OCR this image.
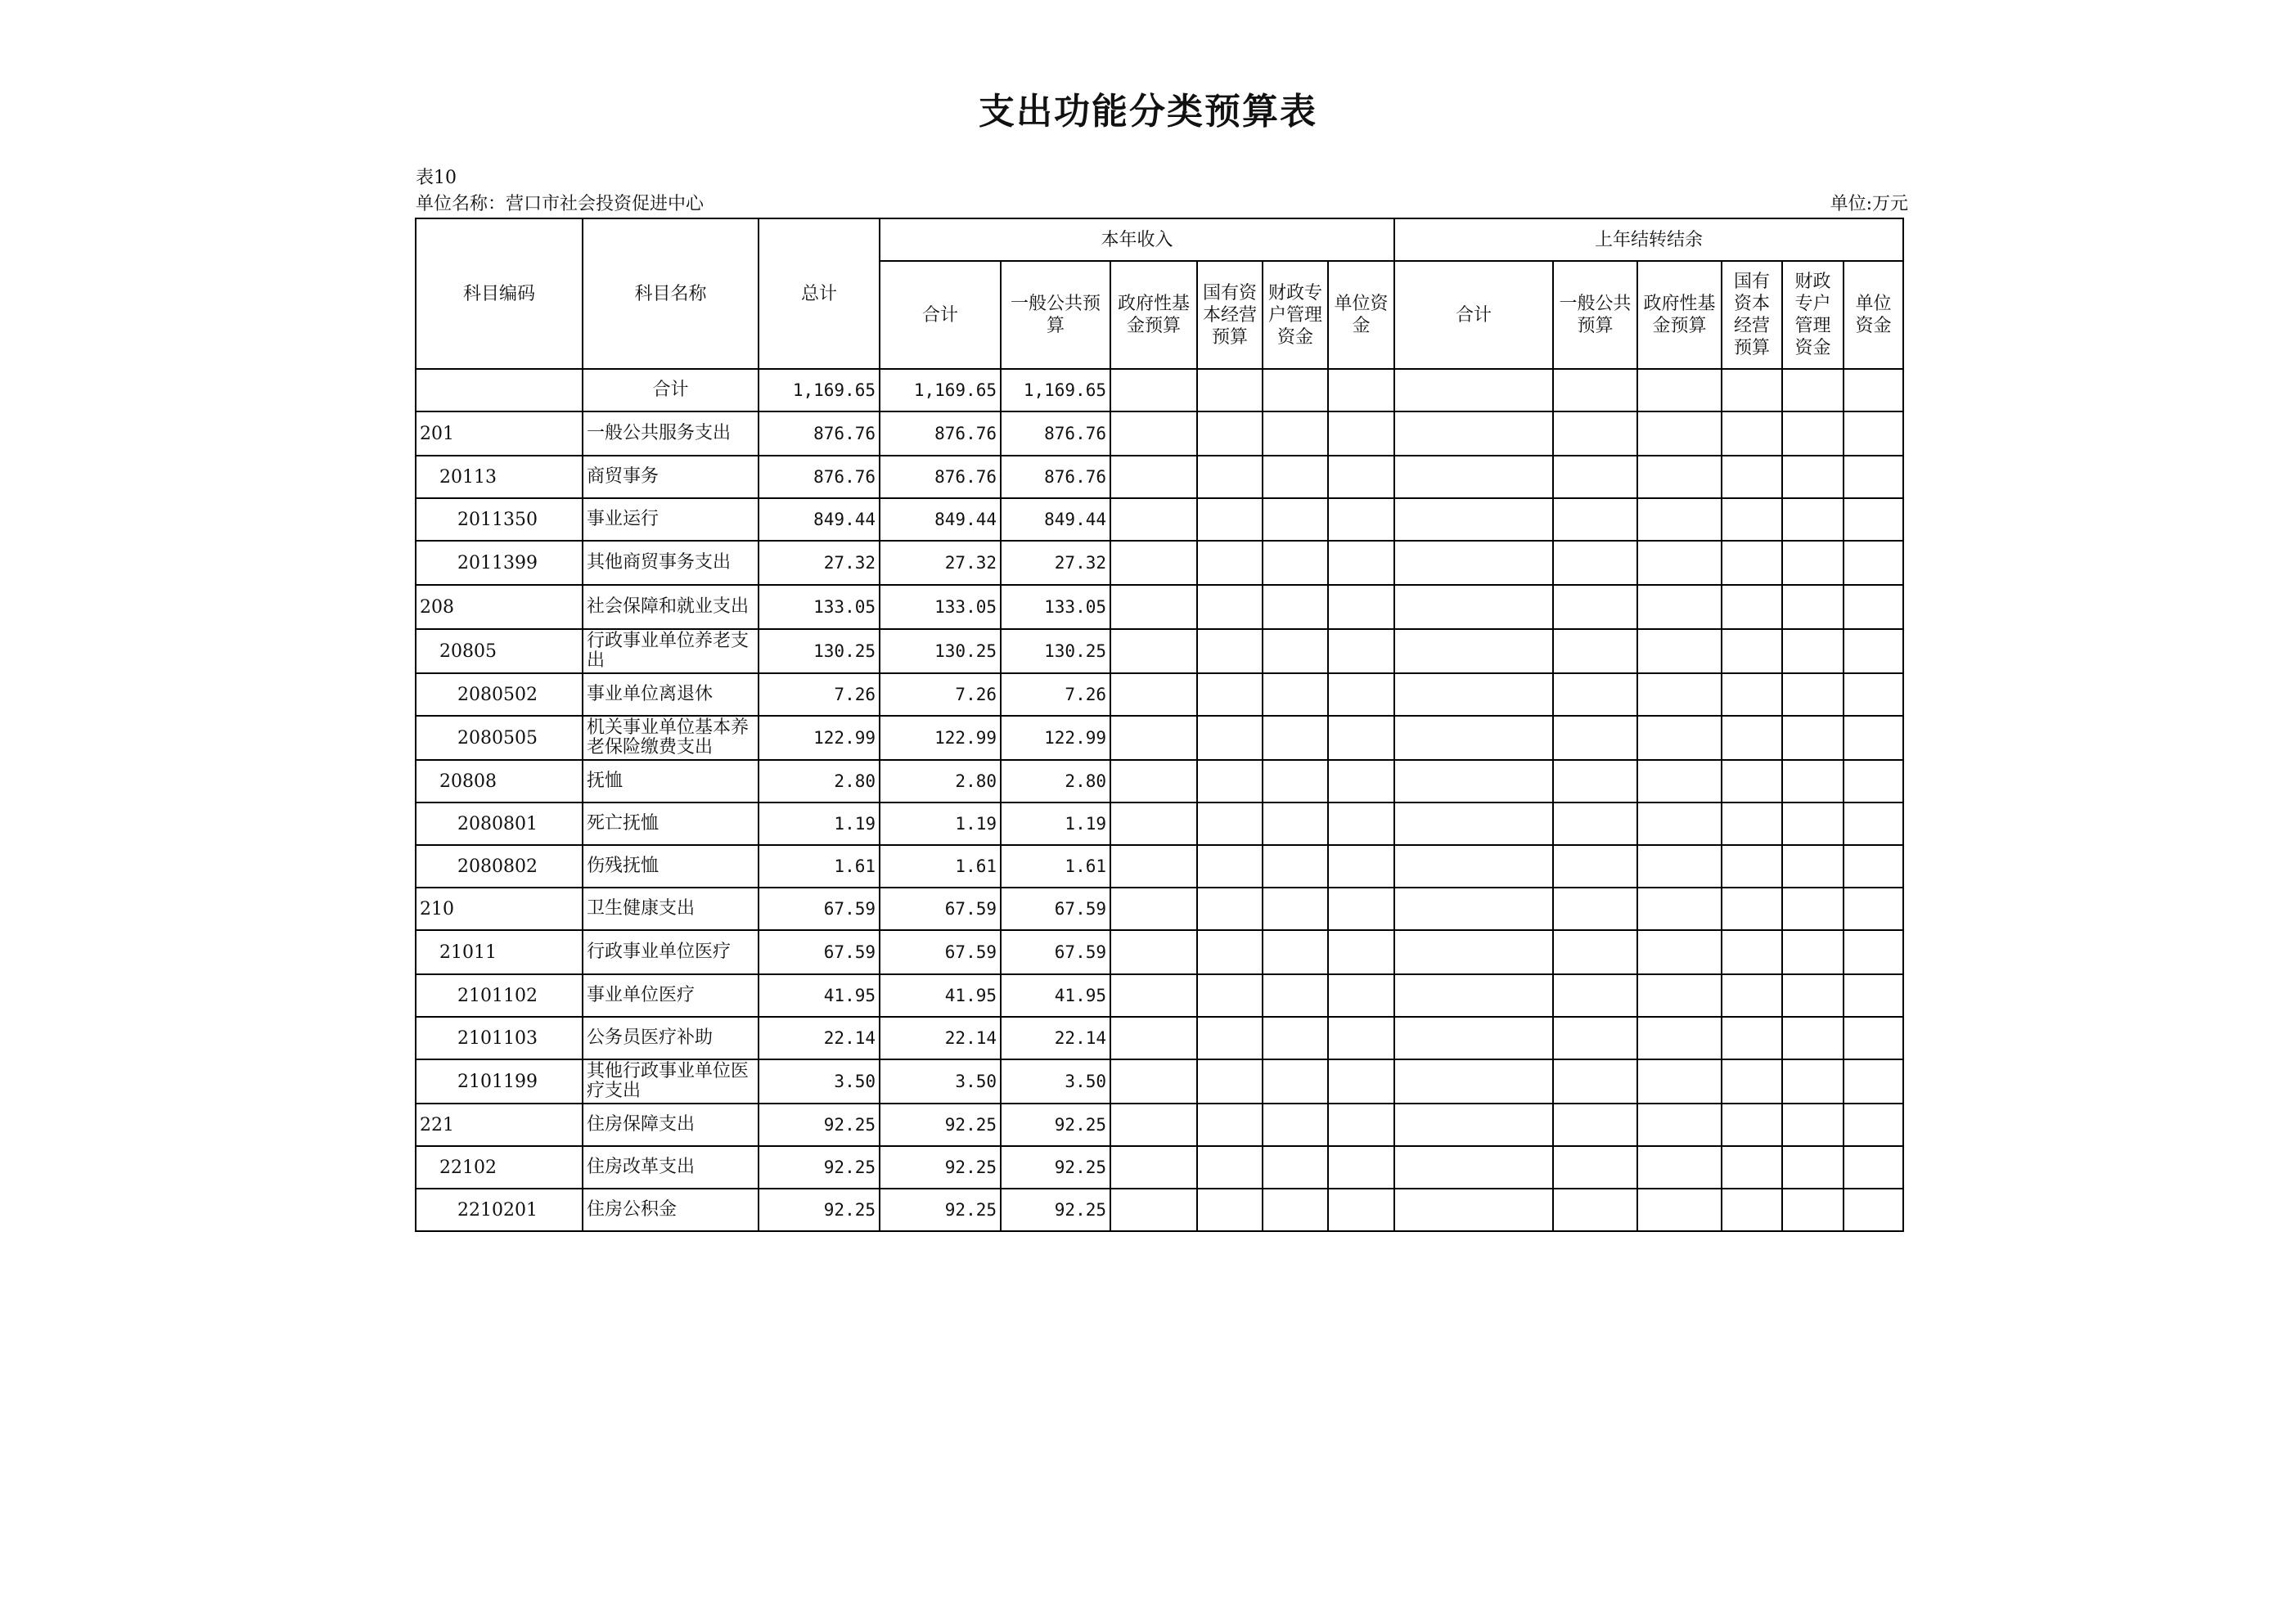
支出功能分类预算表
表10
单位名称：营口市社会投资促进中心	单位:万元
科目编码	科目名称	总计	本年收入						上年结转结余					
			合计	一般公共预算	政府性基金预算	国有资本经营预算	财政专户管理资金	单位资金	合计	一般公共预算	政府性基金预算	国有资本经营预算	财政专户管理资金	单位资金
	合计	1,169.65	1,169.65	1,169.65										
201	一般公共服务支出	876.76	876.76	876.76										
20113	商贸事务	876.76	876.76	876.76										
2011350	事业运行	849.44	849.44	849.44										
2011399	其他商贸事务支出	27.32	27.32	27.32										
208	社会保障和就业支出	133.05	133.05	133.05										
20805	行政事业单位养老支出	130.25	130.25	130.25										
2080502	事业单位离退休	7.26	7.26	7.26										
2080505	机关事业单位基本养老保险缴费支出	122.99	122.99	122.99										
20808	抚恤	2.80	2.80	2.80										
2080801	死亡抚恤	1.19	1.19	1.19										
2080802	伤残抚恤	1.61	1.61	1.61										
210	卫生健康支出	67.59	67.59	67.59										
21011	行政事业单位医疗	67.59	67.59	67.59										
2101102	事业单位医疗	41.95	41.95	41.95										
2101103	公务员医疗补助	22.14	22.14	22.14										
2101199	其他行政事业单位医疗支出	3.50	3.50	3.50										
221	住房保障支出	92.25	92.25	92.25										
22102	住房改革支出	92.25	92.25	92.25										
2210201	住房公积金	92.25	92.25	92.25										
